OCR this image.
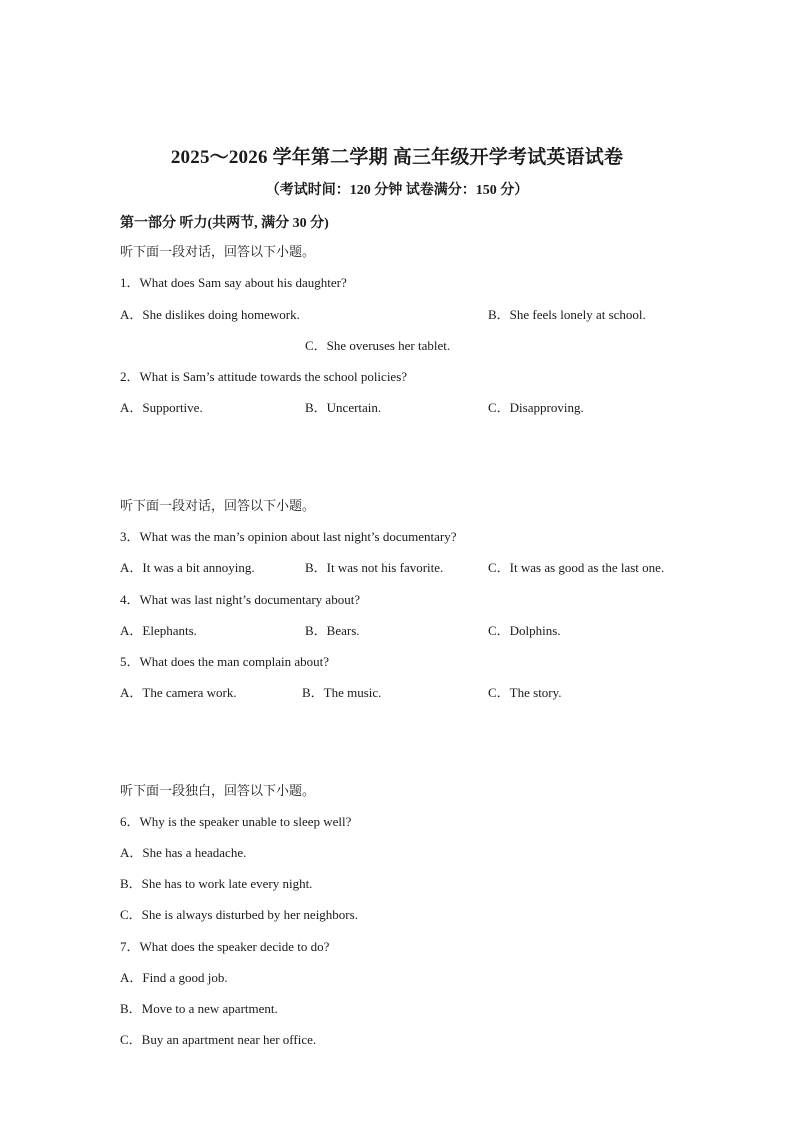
2025～2026 学年第二学期 高三年级开学考试英语试卷
（考试时间：120 分钟 试卷满分：150 分）
第一部分 听力(共两节, 满分 30 分)
听下面一段对话，回答以下小题。
1．What does Sam say about his daughter?
A．She dislikes doing homework.	B．She feels lonely at school.
C．She overuses her tablet.
2．What is Sam’s attitude towards the school policies?
A．Supportive.	B．Uncertain.	C．Disapproving.
听下面一段对话，回答以下小题。
3．What was the man’s opinion about last night’s documentary?
A．It was a bit annoying.	B．It was not his favorite.	C．It was as good as the last one.
4．What was last night’s documentary about?
A．Elephants.	B．Bears.	C．Dolphins.
5．What does the man complain about?
A．The camera work.	B．The music.	C．The story.
听下面一段独白，回答以下小题。
6．Why is the speaker unable to sleep well?
A．She has a headache.
B．She has to work late every night.
C．She is always disturbed by her neighbors.
7．What does the speaker decide to do?
A．Find a good job.
B．Move to a new apartment.
C．Buy an apartment near her office.
